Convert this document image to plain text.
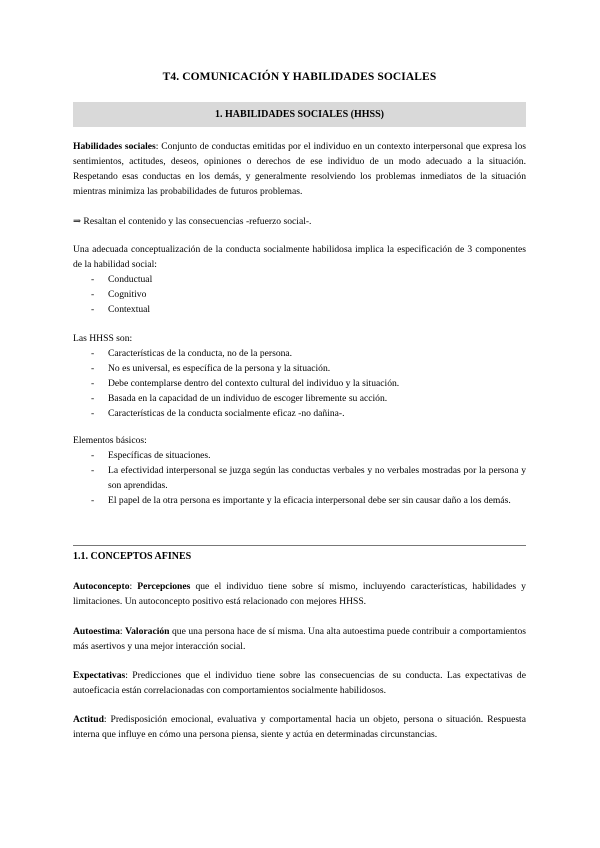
T4. COMUNICACIÓN Y HABILIDADES SOCIALES
1. HABILIDADES SOCIALES (HHSS)

Habilidades sociales: Conjunto de conductas emitidas por el individuo en un contexto interpersonal que expresa los sentimientos, actitudes, deseos, opiniones o derechos de ese individuo de un modo adecuado a la situación. Respetando esas conductas en los demás, y generalmente resolviendo los problemas inmediatos de la situación mientras minimiza las probabilidades de futuros problemas.

⇒ Resaltan el contenido y las consecuencias -refuerzo social-.

Una adecuada conceptualización de la conducta socialmente habilidosa implica la especificación de 3 componentes de la habilidad social:

- Conductual
- Cognitivo
- Contextual

Las HHSS son:

- Características de la conducta, no de la persona.
- No es universal, es específica de la persona y la situación.
- Debe contemplarse dentro del contexto cultural del individuo y la situación.
- Basada en la capacidad de un individuo de escoger libremente su acción.
- Características de la conducta socialmente eficaz -no dañina-.

Elementos básicos:

- Específicas de situaciones.
- La efectividad interpersonal se juzga según las conductas verbales y no verbales mostradas por la persona y son aprendidas.
- El papel de la otra persona es importante y la eficacia interpersonal debe ser sin causar daño a los demás.
1.1. CONCEPTOS AFINES

Autoconcepto: Percepciones que el individuo tiene sobre sí mismo, incluyendo características, habilidades y limitaciones. Un autoconcepto positivo está relacionado con mejores HHSS.

Autoestima: Valoración que una persona hace de sí misma. Una alta autoestima puede contribuir a comportamientos más asertivos y una mejor interacción social.

Expectativas: Predicciones que el individuo tiene sobre las consecuencias de su conducta. Las expectativas de autoeficacia están correlacionadas con comportamientos socialmente habilidosos.

Actitud: Predisposición emocional, evaluativa y comportamental hacia un objeto, persona o situación. Respuesta interna que influye en cómo una persona piensa, siente y actúa en determinadas circunstancias.
